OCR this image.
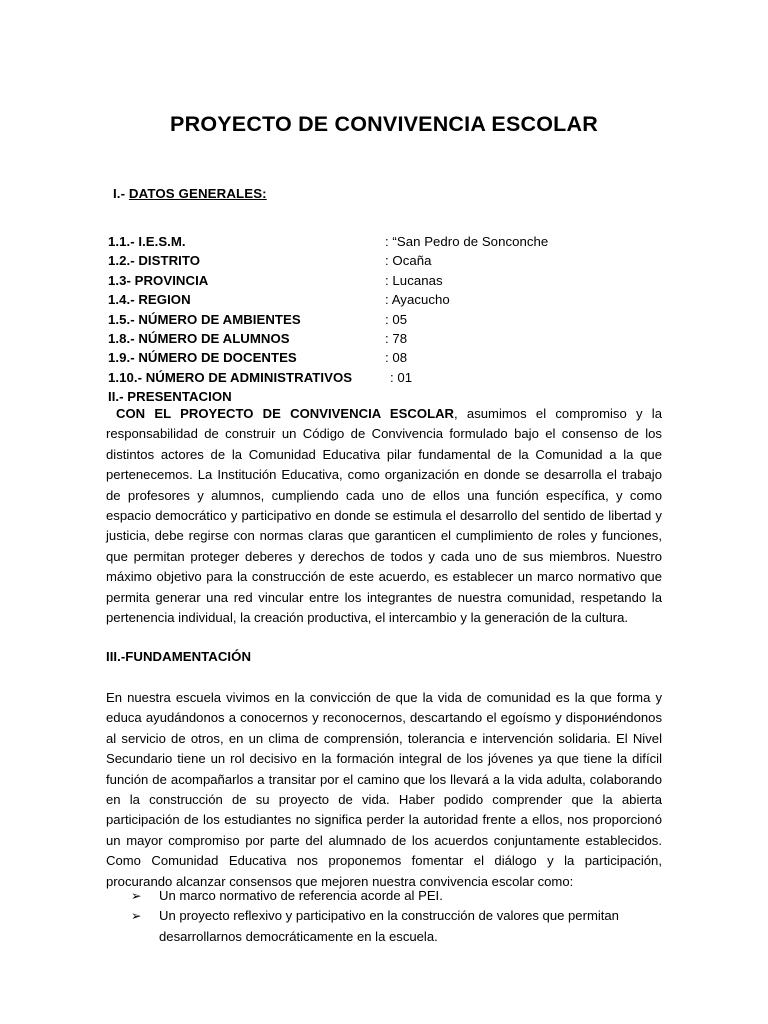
PROYECTO DE CONVIVENCIA ESCOLAR
I.- DATOS GENERALES:
1.1.- I.E.S.M.	: “San Pedro de Sonconche
1.2.- DISTRITO	: Ocaña
1.3- PROVINCIA	: Lucanas
1.4.- REGION	: Ayacucho
1.5.- NÚMERO DE AMBIENTES	: 05
1.8.- NÚMERO DE ALUMNOS	: 78
1.9.- NÚMERO DE DOCENTES	: 08
1.10.- NÚMERO DE ADMINISTRATIVOS	: 01
II.- PRESENTACION

CON EL PROYECTO DE CONVIVENCIA ESCOLAR, asumimos el compromiso y la responsabilidad de construir un Código de Convivencia formulado bajo el consenso de los distintos actores de la Comunidad Educativa pilar fundamental de la Comunidad a la que pertenecemos. La Institución Educativa, como organización en donde se desarrolla el trabajo de profesores y alumnos, cumpliendo cada uno de ellos una función específica, y como espacio democrático y participativo en donde se estimula el desarrollo del sentido de libertad y justicia, debe regirse con normas claras que garanticen el cumplimiento de roles y funciones, que permitan proteger deberes y derechos de todos y cada uno de sus miembros. Nuestro máximo objetivo para la construcción de este acuerdo, es establecer un marco normativo que permita generar una red vincular entre los integrantes de nuestra comunidad, respetando la pertenencia individual, la creación productiva, el intercambio y la generación de la cultura.

III.-FUNDAMENTACIÓN

En nuestra escuela vivimos en la convicción de que la vida de comunidad es la que forma y educa ayudándonos a conocernos y reconocernos, descartando el egoísmo y dispониéndonos al servicio de otros, en un clima de comprensión, tolerancia e intervención solidaria. El Nivel Secundario tiene un rol decisivo en la formación integral de los jóvenes ya que tiene la difícil función de acompañarlos a transitar por el camino que los llevará a la vida adulta, colaborando en la construcción de su proyecto de vida. Haber podido comprender que la abierta participación de los estudiantes no significa perder la autoridad frente a ellos, nos proporcionó un mayor compromiso por parte del alumnado de los acuerdos conjuntamente establecidos. Como Comunidad Educativa nos proponemos fomentar el diálogo y la participación, procurando alcanzar consensos que mejoren nuestra convivencia escolar como:

➢ Un marco normativo de referencia acorde al PEI.
➢ Un proyecto reflexivo y participativo en la construcción de valores que permitan desarrollarnos democráticamente en la escuela.
